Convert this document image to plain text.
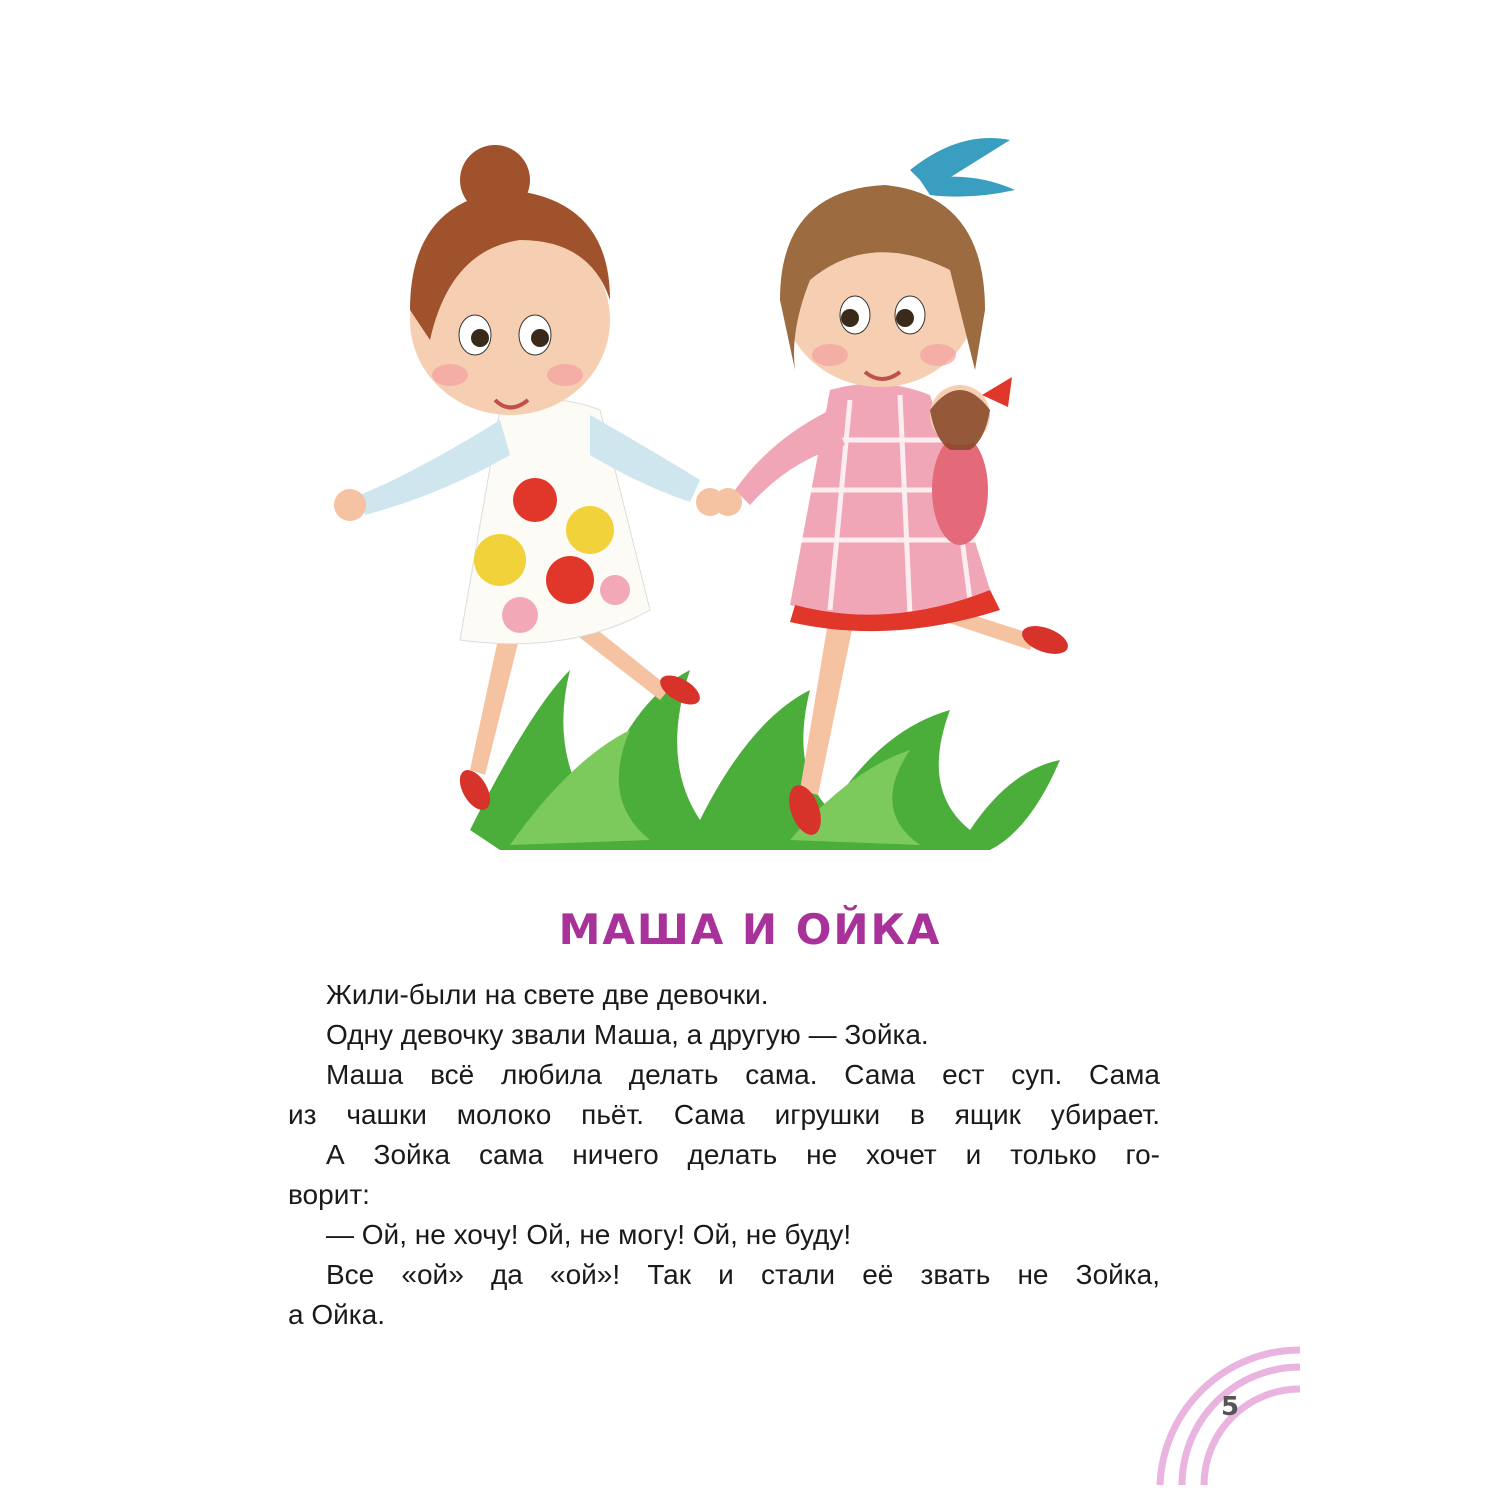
МАША И ОЙКА
Жили-были на свете две девочки.
Одну девочку звали Маша, а другую — Зойка.
Маша всё любила делать сама. Сама ест суп. Сама
из чашки молоко пьёт. Сама игрушки в ящик убирает.
А Зойка сама ничего делать не хочет и только го-
ворит:
— Ой, не хочу! Ой, не могу! Ой, не буду!
Все «ой» да «ой»! Так и стали её звать не Зойка,
а Ойка.
5
